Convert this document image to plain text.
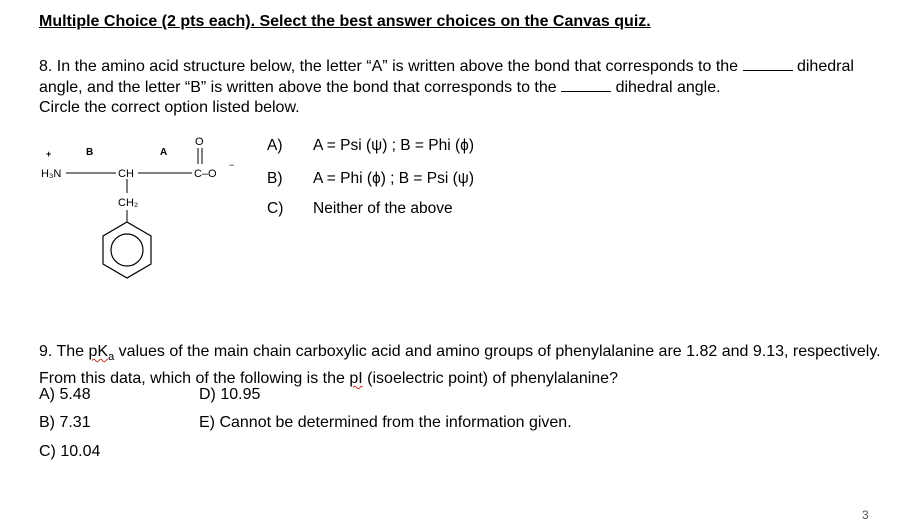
Multiple Choice (2 pts each). Select the best answer choices on the Canvas quiz.
8. In the amino acid structure below, the letter “A” is written above the bond that corresponds to the	dihedral angle, and the letter “B” is written above the bond that corresponds to the	dihedral angle.
Circle the correct option listed below.
+	B	A
H₃N	CH
O
C–O
−
CH₂
A) A = Psi (ψ) ; B = Phi (ϕ)
B) A = Phi (ϕ) ; B = Psi (ψ)
C) Neither of the above
9. The $pK_a$ values of the main chain carboxylic acid and amino groups of phenylalanine are 1.82 and 9.13, respectively. From this data, which of the following is the pI (isoelectric point) of phenylalanine?
A) 5.48	D) 10.95
B) 7.31	E) Cannot be determined from the information given.
C) 10.04
3
